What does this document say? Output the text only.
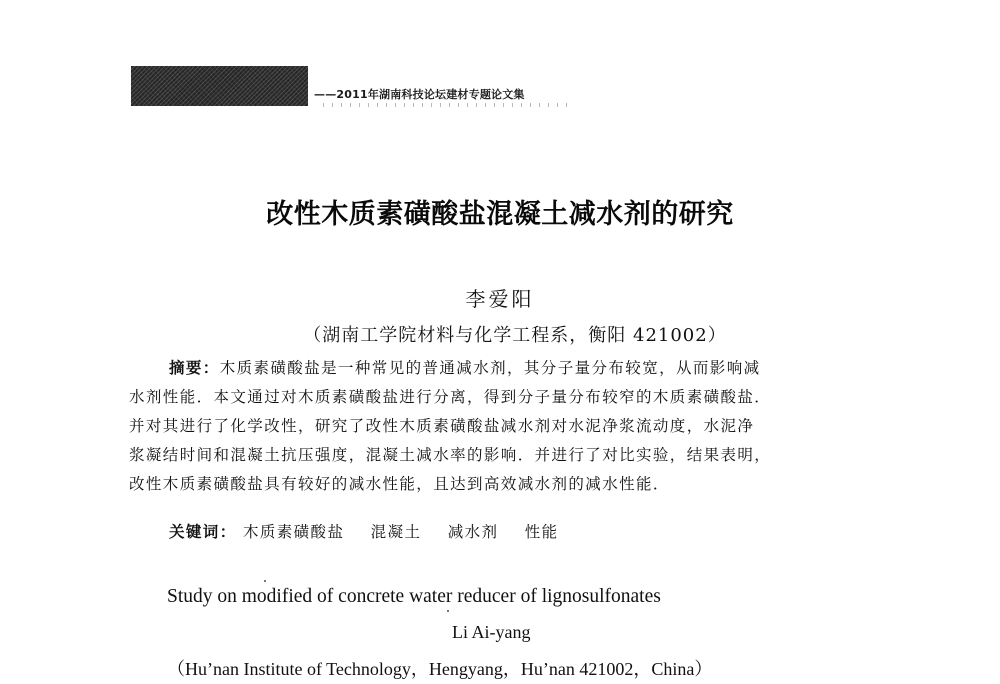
——2011年湖南科技论坛建材专题论文集
改性木质素磺酸盐混凝土减水剂的研究
李爱阳
（湖南工学院材料与化学工程系，衡阳 421002）
摘要：木质素磺酸盐是一种常见的普通减水剂，其分子量分布较宽，从而影响减
水剂性能．本文通过对木质素磺酸盐进行分离，得到分子量分布较窄的木质素磺酸盐．
并对其进行了化学改性，研究了改性木质素磺酸盐减水剂对水泥净浆流动度，水泥净
浆凝结时间和混凝土抗压强度，混凝土减水率的影响．并进行了对比实验，结果表明，
改性木质素磺酸盐具有较好的减水性能，且达到高效减水剂的减水性能．
关键词： 木质素磺酸盐 混凝土 减水剂 性能
Study on modified of concrete water reducer of lignosulfonates
Li Ai-yang
（Hu’nan Institute of Technology，Hengyang，Hu’nan 421002，China）
